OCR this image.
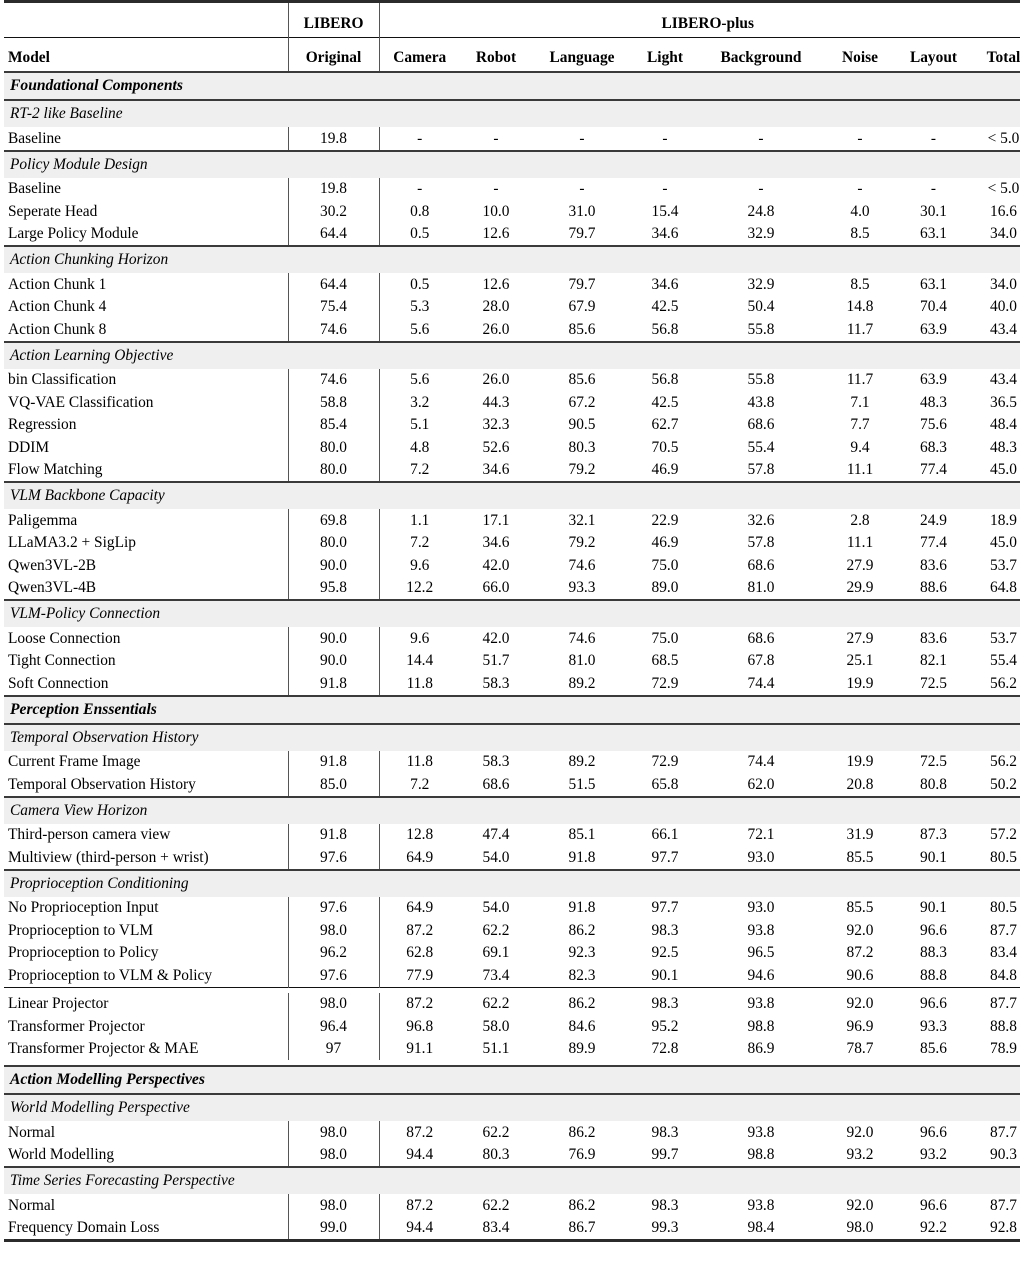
	LIBERO	LIBERO-plus							

Model	Original	Camera	Robot	Language	Light	Background	Noise	Layout	Total

Foundational Components									

RT-2 like Baseline									
Baseline	19.8	-	-	-	-	-	-	-	< 5.0

Policy Module Design									
Baseline	19.8	-	-	-	-	-	-	-	< 5.0
Seperate Head	30.2	0.8	10.0	31.0	15.4	24.8	4.0	30.1	16.6
Large Policy Module	64.4	0.5	12.6	79.7	34.6	32.9	8.5	63.1	34.0

Action Chunking Horizon									
Action Chunk 1	64.4	0.5	12.6	79.7	34.6	32.9	8.5	63.1	34.0
Action Chunk 4	75.4	5.3	28.0	67.9	42.5	50.4	14.8	70.4	40.0
Action Chunk 8	74.6	5.6	26.0	85.6	56.8	55.8	11.7	63.9	43.4

Action Learning Objective									
bin Classification	74.6	5.6	26.0	85.6	56.8	55.8	11.7	63.9	43.4
VQ-VAE Classification	58.8	3.2	44.3	67.2	42.5	43.8	7.1	48.3	36.5
Regression	85.4	5.1	32.3	90.5	62.7	68.6	7.7	75.6	48.4
DDIM	80.0	4.8	52.6	80.3	70.5	55.4	9.4	68.3	48.3
Flow Matching	80.0	7.2	34.6	79.2	46.9	57.8	11.1	77.4	45.0

VLM Backbone Capacity									
Paligemma	69.8	1.1	17.1	32.1	22.9	32.6	2.8	24.9	18.9
LLaMA3.2 + SigLip	80.0	7.2	34.6	79.2	46.9	57.8	11.1	77.4	45.0
Qwen3VL-2B	90.0	9.6	42.0	74.6	75.0	68.6	27.9	83.6	53.7
Qwen3VL-4B	95.8	12.2	66.0	93.3	89.0	81.0	29.9	88.6	64.8

VLM-Policy Connection									
Loose Connection	90.0	9.6	42.0	74.6	75.0	68.6	27.9	83.6	53.7
Tight Connection	90.0	14.4	51.7	81.0	68.5	67.8	25.1	82.1	55.4
Soft Connection	91.8	11.8	58.3	89.2	72.9	74.4	19.9	72.5	56.2

Perception Enssentials									

Temporal Observation History									
Current Frame Image	91.8	11.8	58.3	89.2	72.9	74.4	19.9	72.5	56.2
Temporal Observation History	85.0	7.2	68.6	51.5	65.8	62.0	20.8	80.8	50.2

Camera View Horizon									
Third-person camera view	91.8	12.8	47.4	85.1	66.1	72.1	31.9	87.3	57.2
Multiview (third-person + wrist)	97.6	64.9	54.0	91.8	97.7	93.0	85.5	90.1	80.5

Proprioception Conditioning									
No Proprioception Input	97.6	64.9	54.0	91.8	97.7	93.0	85.5	90.1	80.5
Proprioception to VLM	98.0	87.2	62.2	86.2	98.3	93.8	92.0	96.6	87.7
Proprioception to Policy	96.2	62.8	69.1	92.3	92.5	96.5	87.2	88.3	83.4
Proprioception to VLM & Policy	97.6	77.9	73.4	82.3	90.1	94.6	90.6	88.8	84.8

Linear Projector	98.0	87.2	62.2	86.2	98.3	93.8	92.0	96.6	87.7
Transformer Projector	96.4	96.8	58.0	84.6	95.2	98.8	96.9	93.3	88.8
Transformer Projector & MAE	97	91.1	51.1	89.9	72.8	86.9	78.7	85.6	78.9

Action Modelling Perspectives									

World Modelling Perspective									
Normal	98.0	87.2	62.2	86.2	98.3	93.8	92.0	96.6	87.7
World Modelling	98.0	94.4	80.3	76.9	99.7	98.8	93.2	93.2	90.3

Time Series Forecasting Perspective									
Normal	98.0	87.2	62.2	86.2	98.3	93.8	92.0	96.6	87.7
Frequency Domain Loss	99.0	94.4	83.4	86.7	99.3	98.4	98.0	92.2	92.8
